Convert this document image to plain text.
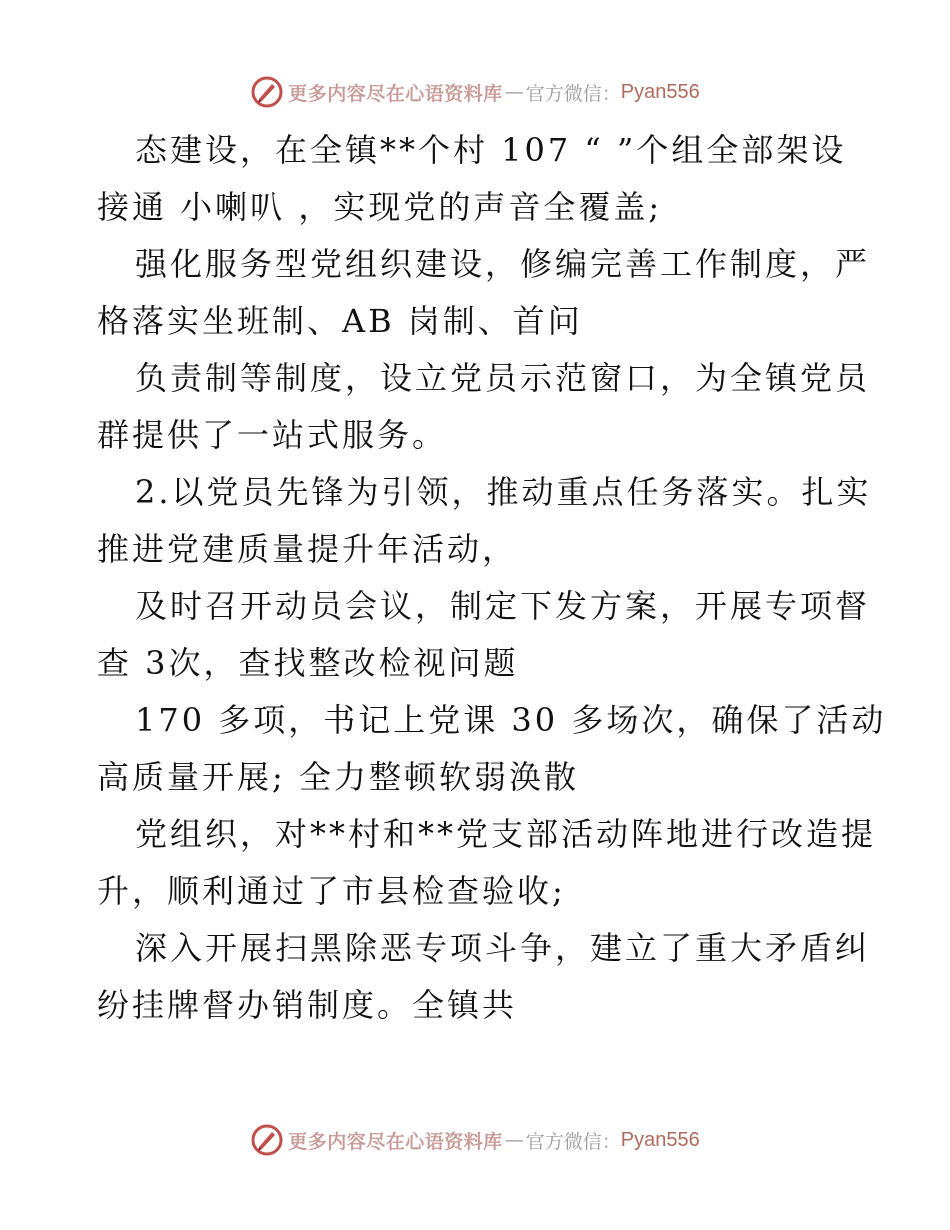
更多内容尽在心语资料库 — 官方微信： Pyan556
态建设，在全镇**个村 107 “ ”个组全部架设
接通 小喇叭 ，实现党的声音全覆盖;
强化服务型党组织建设，修编完善工作制度，严
格落实坐班制、AB 岗制、首问
负责制等制度，设立党员示范窗口，为全镇党员
群提供了一站式服务。
2.以党员先锋为引领，推动重点任务落实。扎实
推进党建质量提升年活动，
及时召开动员会议，制定下发方案，开展专项督
查 3次，查找整改检视问题
170 多项，书记上党课 30 多场次，确保了活动
高质量开展; 全力整顿软弱涣散
党组织，对**村和**党支部活动阵地进行改造提
升，顺利通过了市县检查验收;
深入开展扫黑除恶专项斗争，建立了重大矛盾纠
纷挂牌督办销制度。全镇共
更多内容尽在心语资料库 — 官方微信： Pyan556
